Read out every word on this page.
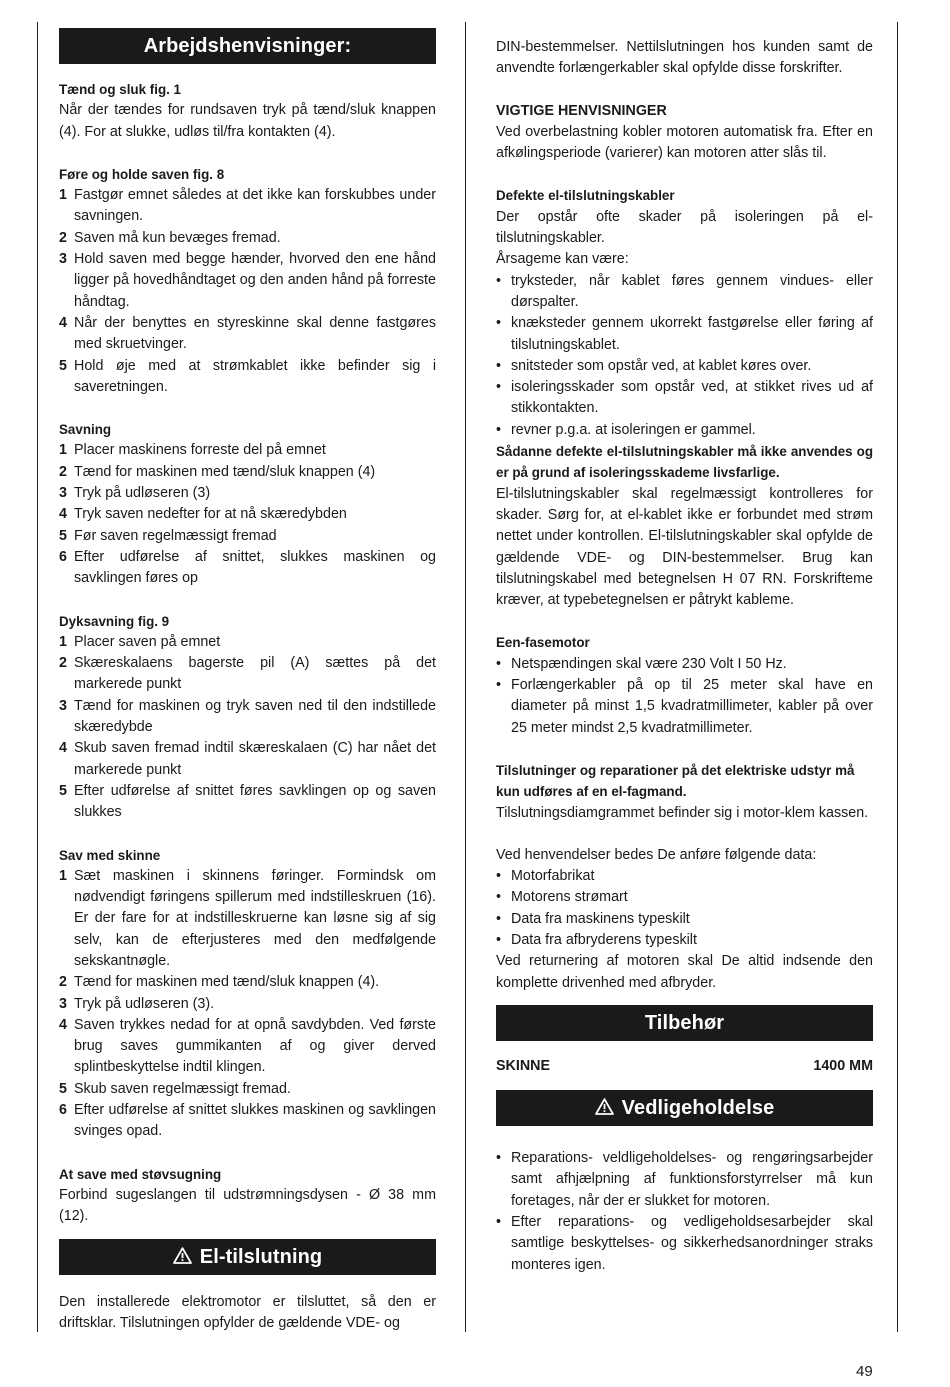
Arbejdshenvisninger:

Tænd og sluk fig. 1

Når der tændes for rundsaven tryk på tænd/sluk knappen (4). For at slukke, udløs til/fra kontakten (4).

Føre og holde saven fig. 8

1 Fastgør emnet således at det ikke kan forskubbes under savningen.
2 Saven må kun bevæges fremad.
3 Hold saven med begge hænder, hvorved den ene hånd ligger på hovedhåndtaget og den anden hånd på forreste håndtag.
4 Når der benyttes en styreskinne skal denne fastgøres med skruetvinger.
5 Hold øje med at strømkablet ikke befinder sig i saveretningen.

Savning

1 Placer maskinens forreste del på emnet
2 Tænd for maskinen med tænd/sluk knappen (4)
3 Tryk på udløseren (3)
4 Tryk saven nedefter for at nå skæredybden
5 Før saven regelmæssigt fremad
6 Efter udførelse af snittet, slukkes maskinen og savklingen føres op

Dyksavning fig. 9

1 Placer saven på emnet
2 Skæreskalaens bagerste pil (A) sættes på det markerede punkt
3 Tænd for maskinen og tryk saven ned til den indstillede skæredybde
4 Skub saven fremad indtil skæreskalaen (C) har nået det markerede punkt
5 Efter udførelse af snittet føres savklingen op og saven slukkes

Sav med skinne

1 Sæt maskinen i skinnens føringer. Formindsk om nødvendigt føringens spillerum med indstilleskruen (16). Er der fare for at indstilleskruerne kan løsne sig af sig selv, kan de efterjusteres med den medfølgende sekskantnøgle.
2 Tænd for maskinen med tænd/sluk knappen (4).
3 Tryk på udløseren (3).
4 Saven trykkes nedad for at opnå savdybden. Ved første brug saves gummikanten af og giver derved splintbeskyttelse indtil klingen.
5 Skub saven regelmæssigt fremad.
6 Efter udførelse af snittet slukkes maskinen og savklingen svinges opad.

At save med støvsugning

Forbind sugeslangen til udstrømningsdysen - Ø 38 mm (12).

El-tilslutning

Den installerede elektromotor er tilsluttet, så den er driftsklar. Tilslutningen opfylder de gældende VDE- og

DIN-bestemmelser. Nettilslutningen hos kunden samt de anvendte forlængerkabler skal opfylde disse forskrifter.

VIGTIGE HENVISNINGER

Ved overbelastning kobler motoren automatisk fra. Efter en afkølingsperiode (varierer) kan motoren atter slås til.

Defekte el-tilslutningskabler

Der opstår ofte skader på isoleringen på el-tilslutningskabler.

Årsageme kan være:

• tryksteder, når kablet føres gennem vindues- eller dørspalter.
• knæksteder gennem ukorrekt fastgørelse eller føring af tilslutningskablet.
• snitsteder som opstår ved, at kablet køres over.
• isoleringsskader som opstår ved, at stikket rives ud af stikkontakten.
• revner p.g.a. at isoleringen er gammel.

Sådanne defekte el-tilslutningskabler må ikke anvendes og er på grund af isoleringsskademe livsfarlige.

El-tilslutningskabler skal regelmæssigt kontrolleres for skader. Sørg for, at el-kablet ikke er forbundet med strøm nettet under kontrollen. El-tilslutningskabler skal opfylde de gældende VDE- og DIN-bestemmelser. Brug kan tilslutningskabel med betegnelsen H 07 RN. Forskrifteme kræver, at typebetegnelsen er påtrykt kableme.

Een-fasemotor

• Netspændingen skal være 230 Volt I 50 Hz.
• Forlængerkabler på op til 25 meter skal have en diameter på minst 1,5 kvadratmillimeter, kabler på over 25 meter mindst 2,5 kvadratmillimeter.

Tilslutninger og reparationer på det elektriske udstyr må kun udføres af en el-fagmand.

Tilslutningsdiamgrammet befinder sig i motor-klem kassen.

Ved henvendelser bedes De anføre følgende data:

• Motorfabrikat
• Motorens strømart
• Data fra maskinens typeskilt
• Data fra afbryderens typeskilt

Ved returnering af motoren skal De altid indsende den komplette drivenhed med afbryder.

Tilbehør
SKINNE	1400 MM
Vedligeholdelse
• Reparations- veldligeholdelses- og rengøringsarbejder samt afhjælpning af funktionsforstyrrelser må kun foretages, når der er slukket for motoren.
• Efter reparations- og vedligeholdsesarbejder skal samtlige beskyttelses- og sikkerhedsanordninger straks monteres igen.
49
